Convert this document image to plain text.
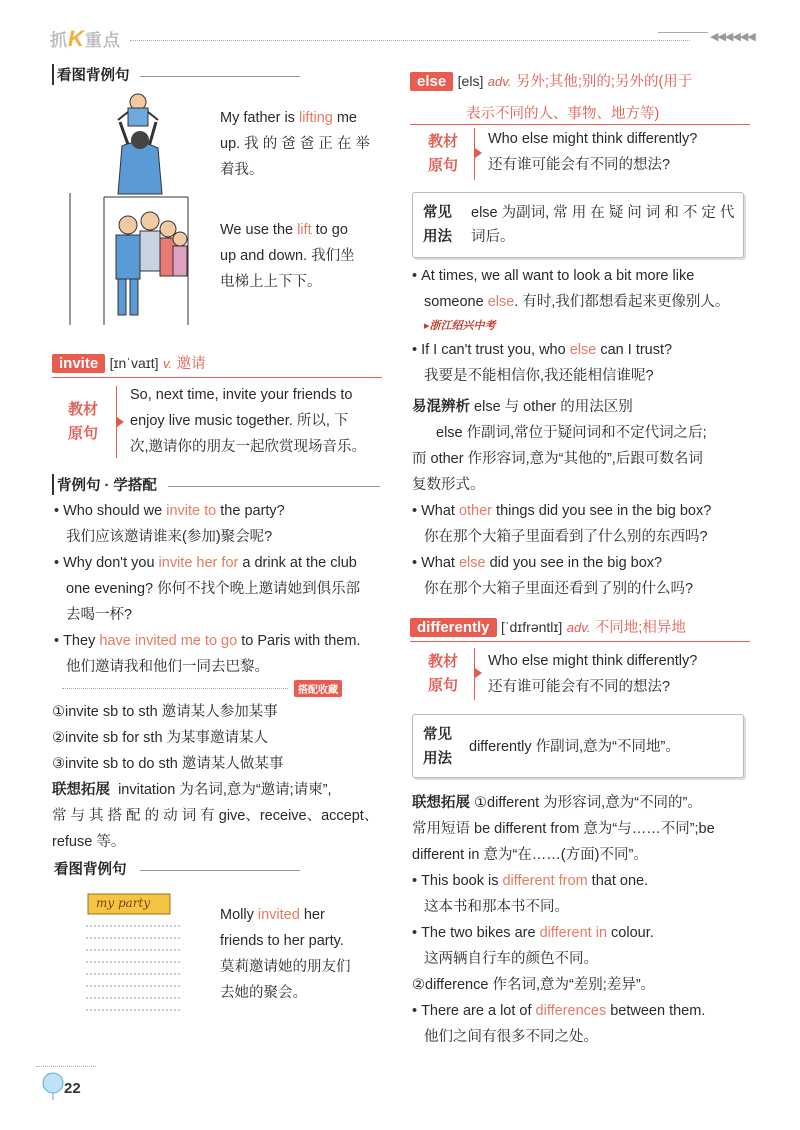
抓K重点	◀◀◀◀◀◀
看图背例句
My father is lifting me
up. 我 的 爸 爸 正 在 举
着我。
We use the lift to go
up and down. 我们坐
电梯上上下下。
invite [ɪnˈvaɪt] v. 邀请
教材
原句
So, next time, invite your friends to
enjoy live music together. 所以, 下
次,邀请你的朋友一起欣赏现场音乐。
背例句 · 学搭配
• Who should we invite to the party?
我们应该邀请谁来(参加)聚会呢?
• Why don't you invite her for a drink at the club
one evening? 你何不找个晚上邀请她到俱乐部
去喝一杯?
• They have invited me to go to Paris with them.
他们邀请我和他们一同去巴黎。
搭配收藏
①invite sb to sth 邀请某人参加某事
②invite sb for sth 为某事邀请某人
③invite sb to do sth 邀请某人做某事
联想拓展 invitation 为名词,意为“邀请;请柬”,
常 与 其 搭 配 的 动 词 有 give、receive、accept、
refuse 等。
看图背例句
my party
Molly invited her
friends to her party.
莫莉邀请她的朋友们
去她的聚会。
else [els] adv. 另外;其他;别的;另外的(用于
表示不同的人、事物、地方等)
教材
原句
Who else might think differently?
还有谁可能会有不同的想法?
常见
用法
else 为副词, 常 用 在 疑 问 词 和 不 定 代
词后。
• At times, we all want to look a bit more like
someone else. 有时,我们都想看起来更像别人。
▸浙江绍兴中考
• If I can't trust you, who else can I trust?
我要是不能相信你,我还能相信谁呢?
易混辨析 else 与 other 的用法区别
else 作副词,常位于疑问词和不定代词之后;
而 other 作形容词,意为“其他的”,后跟可数名词
复数形式。
• What other things did you see in the big box?
你在那个大箱子里面看到了什么别的东西吗?
• What else did you see in the big box?
你在那个大箱子里面还看到了别的什么吗?
differently [ˈdɪfrəntlɪ] adv. 不同地;相异地
教材
原句
Who else might think differently?
还有谁可能会有不同的想法?
常见
用法
differently 作副词,意为“不同地”。
联想拓展 ①different 为形容词,意为“不同的”。
常用短语 be different from 意为“与……不同”;be
different in 意为“在……(方面)不同”。
• This book is different from that one.
这本书和那本书不同。
• The two bikes are different in colour.
这两辆自行车的颜色不同。
②difference 作名词,意为“差别;差异”。
• There are a lot of differences between them.
他们之间有很多不同之处。
22
